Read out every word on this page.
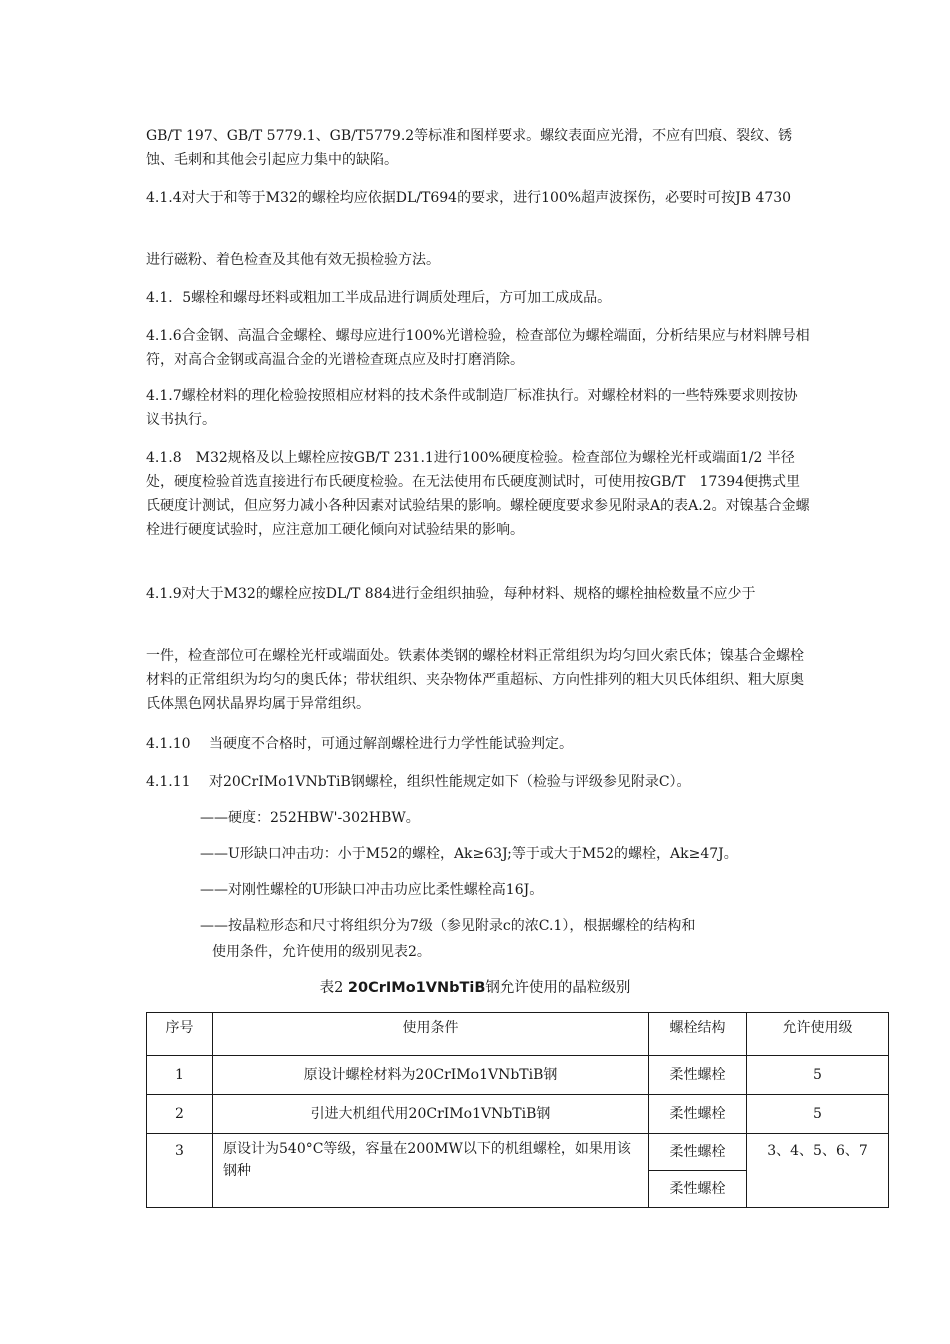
GB/T 197、GB/T 5779.1、GB/T5779.2等标准和图样要求。螺纹表面应光滑，不应有凹痕、裂纹、锈蚀、毛刺和其他会引起应力集中的缺陷。

4.1.4对大于和等于M32的螺栓均应依据DL/T694的要求，进行100%超声波探伤，必要时可按JB 4730

进行磁粉、着色检查及其他有效无损检验方法。

4.1．5螺栓和螺母坯料或粗加工半成品进行调质处理后，方可加工成成品。

4.1.6合金钢、高温合金螺栓、螺母应进行100%光谱检验，检查部位为螺栓端面，分析结果应与材料牌号相符，对高合金钢或高温合金的光谱检查斑点应及时打磨消除。

4.1.7螺栓材料的理化检验按照相应材料的技术条件或制造厂标准执行。对螺栓材料的一些特殊要求则按协议书执行。

4.1.8　M32规格及以上螺栓应按GB/T 231.1进行100%硬度检验。检查部位为螺栓光杆或端面1/2 半径处，硬度检验首选直接进行布氏硬度检验。在无法使用布氏硬度测试时，可使用按GB/T　17394便携式里氏硬度计测试，但应努力减小各种因素对试验结果的影响。螺栓硬度要求参见附录A的表A.2。对镍基合金螺栓进行硬度试验时，应注意加工硬化倾向对试验结果的影响。

4.1.9对大于M32的螺栓应按DL/T 884进行金组织抽验，每种材料、规格的螺栓抽检数量不应少于

一件，检查部位可在螺栓光杆或端面处。铁素体类钢的螺栓材料正常组织为均匀回火索氏体；镍基合金螺栓材料的正常组织为均匀的奥氏体；带状组织、夹杂物体严重超标、方向性排列的粗大贝氏体组织、粗大原奥氏体黑色网状晶界均属于异常组织。

4.1.10　 当硬度不合格时，可通过解剖螺栓进行力学性能试验判定。

4.1.11　 对20CrIMo1VNbTiB钢螺栓，组织性能规定如下（检验与评级参见附录C）。

——硬度：252HBW'-302HBW。

——U形缺口冲击功：小于M52的螺栓，Ak≥63J;等于或大于M52的螺栓，Ak≥47J。

——对刚性螺栓的U形缺口冲击功应比柔性螺栓高16J。

——按晶粒形态和尺寸将组织分为7级（参见附录c的浓C.1），根据螺栓的结构和

使用条件，允许使用的级别见表2。

表2 20CrIMo1VNbTiB钢允许使用的晶粒级别
序号	使用条件	螺栓结构	允许使用级
1	原设计螺栓材料为20CrIMo1VNbTiB钢	柔性螺栓	5
2	引进大机组代用20CrIMo1VNbTiB钢	柔性螺栓	5
3	原设计为540°C等级，容量在200MW以下的机组螺栓，如果用该钢种	柔性螺栓	3、4、5、6、7
		柔性螺栓	
